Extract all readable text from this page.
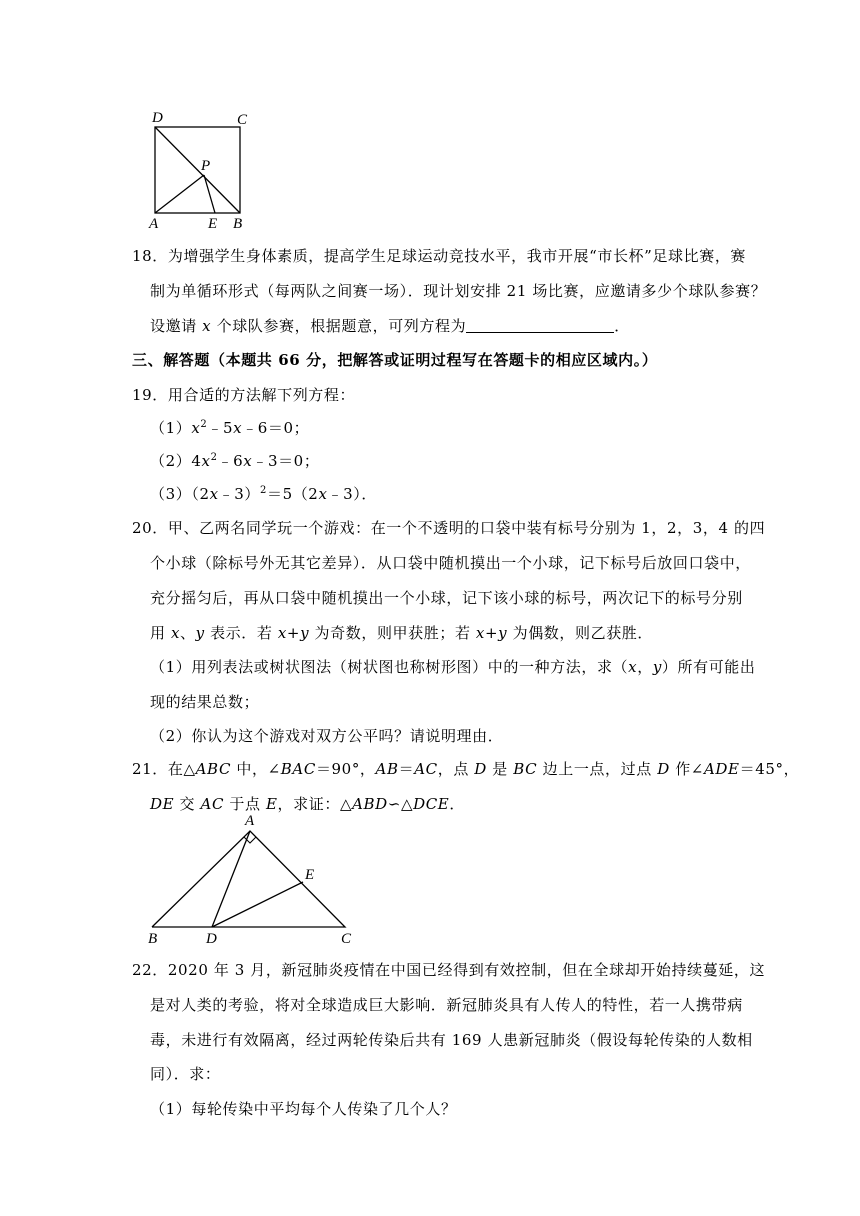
D	C
P
A	E B
18．为增强学生身体素质，提高学生足球运动竞技水平，我市开展“市长杯”足球比赛，赛
制为单循环形式（每两队之间赛一场）．现计划安排 21 场比赛，应邀请多少个球队参赛？
设邀请 x 个球队参赛，根据题意，可列方程为	．
三、解答题（本题共 66 分，把解答或证明过程写在答题卡的相应区域内。）
19．用合适的方法解下列方程：
$(1)x^2﹣5x﹣6=0$；
$(2)4x^2﹣6x﹣3=0$；
（3）（2x﹣3）$^2$＝5（2x﹣3）．
20．甲、乙两名同学玩一个游戏：在一个不透明的口袋中装有标号分别为 1，2，3，4 的四
个小球（除标号外无其它差异）．从口袋中随机摸出一个小球，记下标号后放回口袋中，
充分摇匀后，再从口袋中随机摸出一个小球，记下该小球的标号，两次记下的标号分别
用 x、y 表示．若 x+y 为奇数，则甲获胜；若 x+y 为偶数，则乙获胜．
（1）用列表法或树状图法（树状图也称树形图）中的一种方法，求（x，y）所有可能出
现的结果总数；
（2）你认为这个游戏对双方公平吗？请说明理由．
21．在△ABC 中，∠BAC＝90°，AB＝AC，点 D 是 BC 边上一点，过点 D 作∠ADE＝45°，
DE 交 AC 于点 E，求证：△ABD∽△DCE．
A
E
B	D	C
22．2020 年 3 月，新冠肺炎疫情在中国已经得到有效控制，但在全球却开始持续蔓延，这
是对人类的考验，将对全球造成巨大影响．新冠肺炎具有人传人的特性，若一人携带病
毒，未进行有效隔离，经过两轮传染后共有 169 人患新冠肺炎（假设每轮传染的人数相
同）．求：
（1）每轮传染中平均每个人传染了几个人？
